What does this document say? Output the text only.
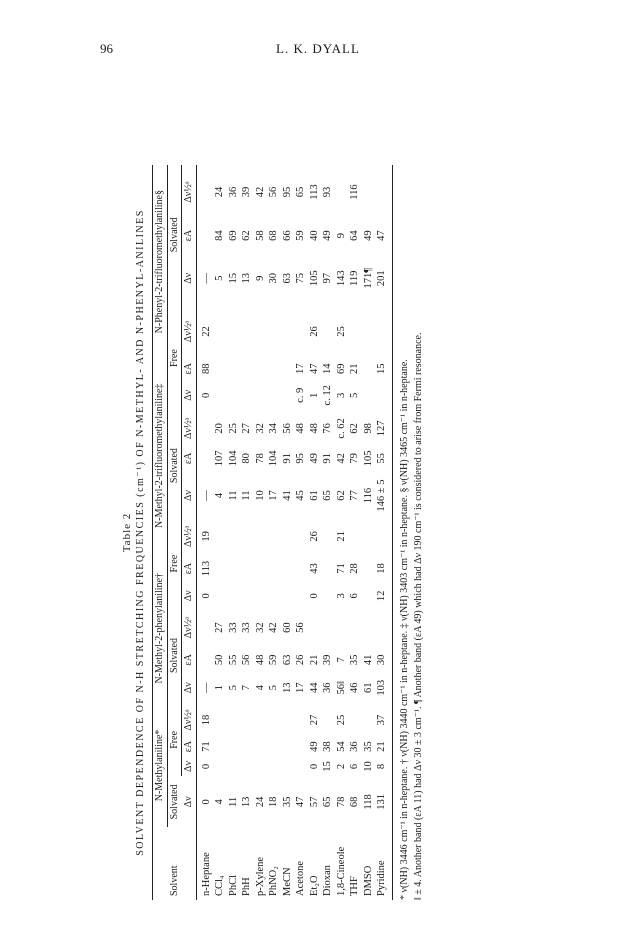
96	L. K. DYALL
Table 2 SOLVENT DEPENDENCE OF N-H STRETCHING FREQUENCIES (cm⁻¹) OF N-METHYL- AND N-PHENYL-ANILINES
Solvent	N-Methylaniline*				N-Methyl-2-phenylaniline†					N-Methyl-2-trifluoromethylaniline‡						N-Phenyl-2-trifluoromethylaniline§			
	Solvated	Free			Solvated			Free			Solvated			Free			Solvated		
	Δν	Δν	εA	Δν½ᵃ	Δν	εA	Δν½ᵃ	Δν	εA	Δν½ᵃ	Δν	εA	Δν½ᵃ	Δν	εA	Δν½ᵃ	Δν	εA	Δν½ᵃ
n-Heptane	0	0	71	18	—			0	113	19	—			0	88	22	—		
CCl₄	4				1	50	27				4	107	20				5	84	24
PhCl	11				5	55	33				11	104	25				15	69	36
PhH	13				7	56	33				11	80	27				13	62	39
p-Xylene	24				4	48	32				10	78	32				9	58	42
PhNO₂	18				5	59	42				17	104	34				30	68	56
MeCN	35				13	63	60				41	91	56				63	66	95
Acetone	47				17	26	56				45	95	48	c. 9	17		75	59	65
Et₂O	57	0	49	27	44	21		0	43	26	61	49	48	1	47	26	105	40	113
Dioxan	65	15	38		36	39					65	91	76	c. 12	14		97	49	93
1,8-Cineole	78	2	54	25	56‖	7		3	71	21	62	42	c. 62	3	69	25	143	9	
THF	68	6	36		46	35		6	28		77	79	62	5	21		119	64	116
DMSO	118	10	35		61	41					116	105	98				171¶	49	
Pyridine	131	8	21	37	103	30		12	18		146 ± 5	55	127		15		201	47	

* ν(NH) 3446 cm⁻¹ in n-heptane. † ν(NH) 3440 cm⁻¹ in n-heptane. ‡ ν(NH) 3403 cm⁻¹ in n-heptane. § ν(NH) 3465 cm⁻¹ in n-heptane. ‖ ± 4. Another band (εA 11) had Δν 30 ± 3 cm⁻¹. ¶ Another band (εA 49) which had Δν 190 cm⁻¹ is considered to arise from Fermi resonance.
